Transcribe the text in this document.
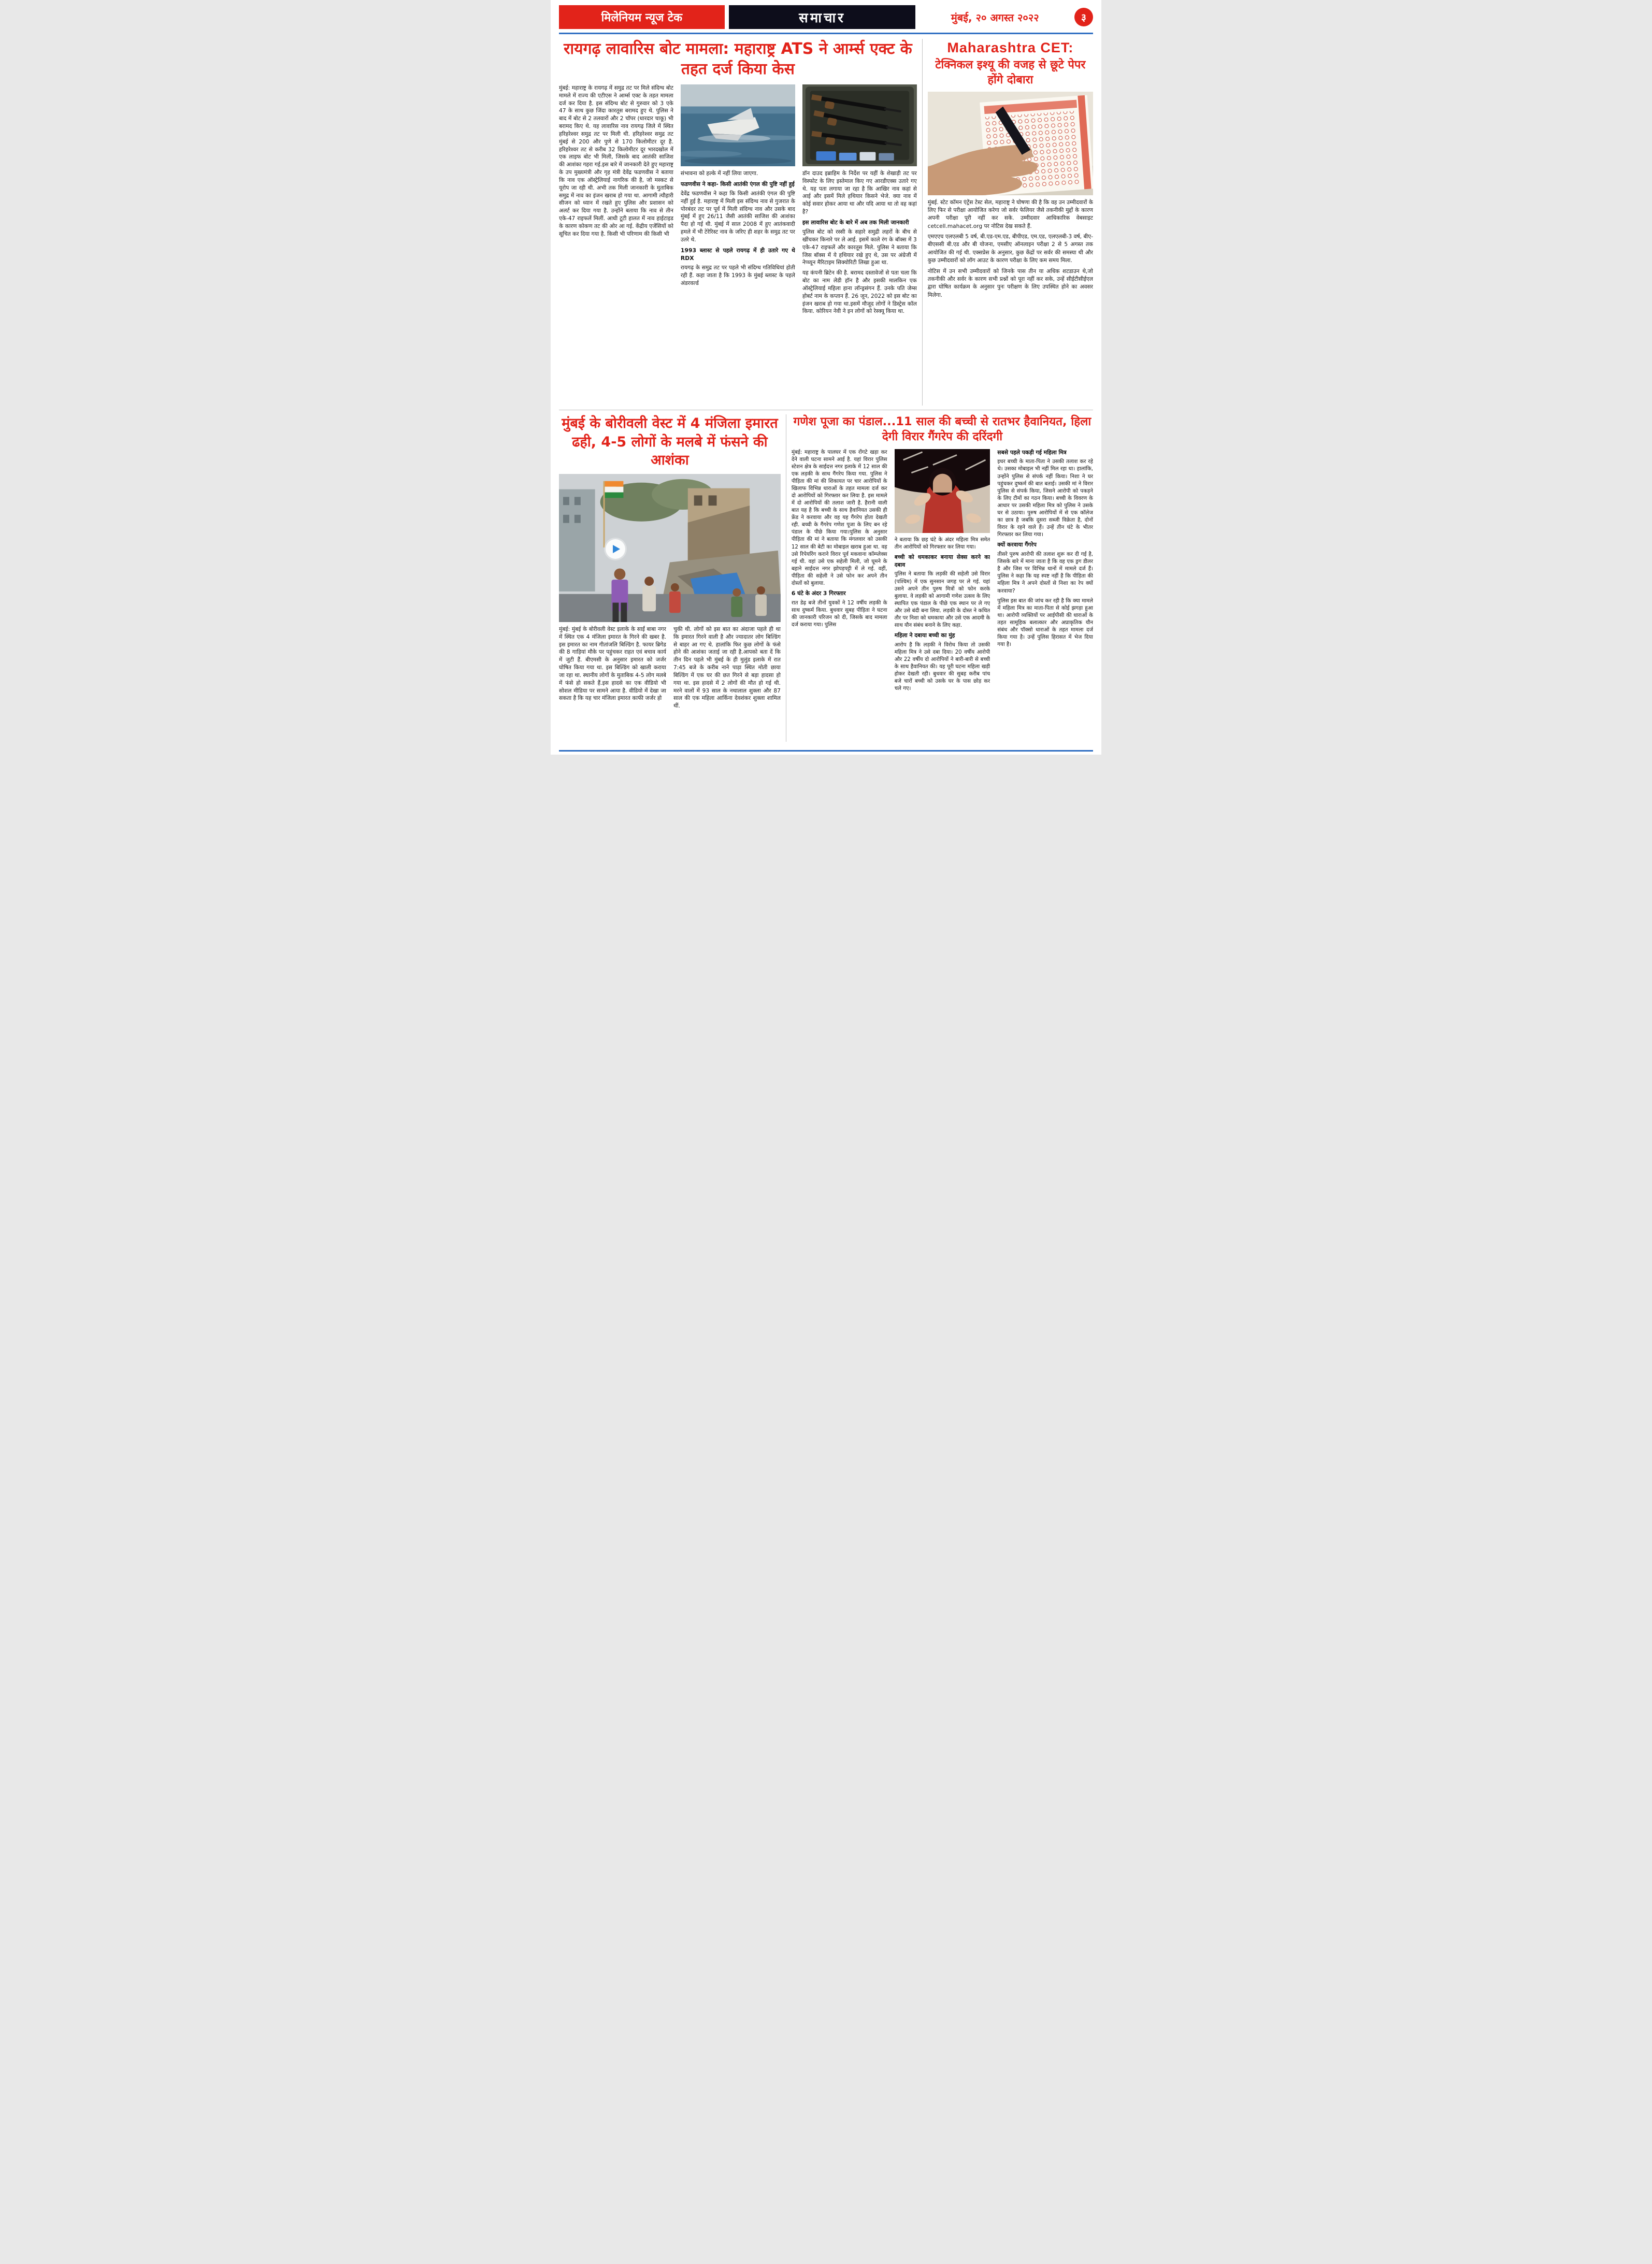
मिलेनियम न्यूज टेक	समाचार	मुंबई, २० अगस्त २०२२	३
रायगढ़ लावारिस बोट मामला: महाराष्ट्र ATS ने आर्म्स एक्ट के तहत दर्ज किया केस
मुंबई: महाराष्ट्र के रायगढ़ में समुद्र तट पर मिले संदिग्ध बोट मामले में राज्य की एटीएस ने आर्म्स एक्ट के तहत मामला दर्ज कर दिया है. इस संदिग्ध बोट से गुरुवार को 3 एके 47 के साथ कुछ जिंदा कारतूस बरामद हुए थे. पुलिस ने बाद में बोट से 2 तलवारों और 2 चॉपर (धारदार चाकू) भी बरामद किए थे. यह लावारिस नाव रायगढ़ जिले में स्थित हरिहरेश्वर समुद्र तट पर मिली थी. हरिहरेश्वर समुद्र तट मुंबई से 200 और पुणे से 170 किलोमीटर दूर है. हरिहरेश्वर तट से करीब 32 किलोमीटर दूर भारदखोल में एक लाइफ बोट भी मिली, जिसके बाद आतंकी साजिश की आशंका गहरा गई.इस बारे में जानकारी देते हुए महाराष्ट्र के उप मुख्यमंत्री और गृह मंत्री देवेंद्र फडणवीस ने बताया कि नाव एक ऑस्ट्रेलियाई नागरिक की है, जो मस्कट से यूरोप जा रही थी. अभी तक मिली जानकारी के मुताबिक समुद्र में नाव का इंजन खराब हो गया था. आगामी त्यौहारी सीजन को ध्यान में रखते हुए पुलिस और प्रशासन को अलर्ट कर दिया गया है. उन्होंने बताया कि नाव से तीन एके-47 राइफलें मिलीं. आधी टूटी हालत में नाव हाईटाइड के कारण कोकण तट की ओर आ गई. केंद्रीय एजेंसियों को सूचित कर दिया गया है. किसी भी परिणाम की किसी भी
संभावना को हल्के में नहीं लिया जाएगा.
फडणवीस ने कहा- किसी आतंकी एंगल की पुष्टि नहीं हुई
देवेंद्र फडणवीस ने कहा कि किसी आतंकी एंगल की पुष्टि नहीं हुई है. महाराष्ट्र में मिली इस संदिग्ध नाव से गुजरात के पोरबंदर तट पर पूर्व में मिली संदिग्ध नाव और उसके बाद मुंबई में हुए 26/11 जैसी आतंकी साजिश की आशंका पैदा हो गई थी. मुंबई में साल 2008 में हुए आतंकवादी हमले में भी टेरेरिस्ट नाव के जरिए ही शहर के समुद्र तट पर उतरे थे.
1993 ब्लास्ट से पहले रायगढ़ में ही उतारे गए थे RDX
रायगढ़ के समुद्र तट पर पहले भी संदिग्ध गतिविधियां होती रही हैं. कहा जाता है कि 1993 के मुंबई ब्लास्ट के पहले अंडरवर्ल्ड
डॉन दाउद इब्राहिम के निर्देश पर यहीं के शेखाड़ी तट पर विस्फोट के लिए इस्तेमाल किए गए आरडीएक्स उतारे गए थे. यह पता लगाया जा रहा है कि आखिर नाव कहां से आई और इसमें मिले हथियार किसने भेजे. क्या नाव में कोई सवार होकर आया था और यदि आया था तो वह कहां है?
इस लावारिस बोट के बारे में अब तक मिली जानकारी
पुलिस बोट को रस्सी के सहारे समुद्री लहरों के बीच से खींचकर किनारे पर ले आई. इसमें काले रंग के बॉक्स में 3 एके-47 राइफलें और कारतूस मिले. पुलिस ने बताया कि जिस बॉक्स में ये हथियार रखे हुए थे, उस पर अंग्रेजी में नेप्च्यून मैरिटाइम सिक्योरिटी लिखा हुआ था.
यह कंपनी ब्रिटेन की है. बरामद दस्तावेजों से पता चला कि बोट का नाम लेडी हॉन है और इसकी मालकिन एक ऑस्ट्रेलियाई महिला हाना लॉन्ड्रसंगन हैं. उनके पति जेम्स होबर्ट नाम के कप्तान हैं. 26 जून, 2022 को इस बोट का इंजन खराब हो गया था.इसमें मौजूद लोगों ने डिस्ट्रेस कॉल किया. कोरियन नेवी ने इन लोगों को रेस्क्यू किया था.
Maharashtra CET:
टेक्निकल इश्यू की वजह से छूटे पेपर होंगे दोबारा
मुंबई. स्टेट कॉमन एंट्रेंस टेस्ट सेल, महाराष्ट्र ने घोषणा की है कि वह उन उम्मीदवारों के लिए फिर से परीक्षा आयोजित करेगा जो सर्वर फेलियर जैसे तकनीकी मुद्दों के कारण अपनी परीक्षा पूरी नहीं कर सके. उम्मीदवार आधिकारिक वेबसाइट cetcell.mahacet.org पर नोटिस देख सकते हैं.
एमएएच एलएलबी 5 वर्ष, बी.एड-एम.एड, बीपीएड, एम.एड, एलएलबी-3 वर्ष, बीए-बीएससी बी.एड और बी योजना, एमसीए ऑनलाइन परीक्षा 2 से 5 अगस्त तक आयोजित की गई थी. एक्सप्रेस के अनुसार, कुछ केंद्रों पर सर्वर की समस्या थी और कुछ उम्मीदवारों को लॉग आउट के कारण परीक्षा के लिए कम समय मिला.
नोटिस में उन सभी उम्मीदवारों को जिनके पास तीन या अधिक शटडाउन थे,जो तकनीकी और सर्वर के कारण सभी प्रश्नों को पूरा नहीं कर सके, उन्हें सीईटीसीईएल द्वारा घोषित कार्यक्रम के अनुसार पुनः परीक्षण के लिए उपस्थित होने का अवसर मिलेगा.
मुंबई के बोरीवली वेस्ट में 4 मंजिला इमारत ढही, 4-5 लोगों के मलबे में फंसने की आशंका
मुंबई: मुंबई के बोरीवली वेस्ट इलाके के साईं बाबा नगर में स्थित एक 4 मंजिला इमारत के गिरने की खबर है. इस इमारत का नाम गीतांजलि बिल्डिंग है. फायर ब्रिगेड की 8 गाड़ियां मौके पर पहुंचकर राहत एवं बचाव कार्य में जुटी हैं. बीएमसी के अनुसार इमारत को जर्जर घोषित किया गया था. इस बिल्डिंग को खाली कराया जा रहा था. स्थानीय लोगों के मुताबिक 4-5 लोग मलबे में फंसे हो सकते हैं.इस हादसे का एक वीडियो भी सोशल मीडिया पर सामने आया है. वीडियो में देखा जा सकता है कि यह चार मंजिला इमारत काफी जर्जर हो
चुकी थी. लोगों को इस बात का अंदाजा पहले ही था कि इमारत गिरने वाली है और ज्यादातर लोग बिल्डिंग से बाहर आ गए थे. हालांकि फिर कुछ लोगों के फंसे होने की आशंका जताई जा रही है.आपको बता दें कि तीन दिन पहले भी मुंबई के ही मुलुंड इलाके में रात 7:45 बजे के करीब नाने पाड़ा स्थित मोती छाया बिल्डिंग में एक घर की छत गिरने से बड़ा हादसा हो गया था. इस हादसे में 2 लोगों की मौत हो गई थी. मरने वालों में 93 साल के नथालाल शुक्ला और 87 साल की एक महिला आर्किना देवशंकर शुक्ला शामिल थीं.
गणेश पूजा का पंडाल...11 साल की बच्ची से रातभर हैवानियत, हिला देगी विरार गैंगरेप की दरिंदगी
मुंबई: महाराष्ट्र के पालघर में एक रोंगटे खड़ा कर देने वाली घटना सामने आई है. यहां विरार पुलिस स्टेशन क्षेत्र के साईदत्त नगर इलाके में 12 साल की एक लड़की के साथ गैंगरेप किया गया. पुलिस ने पीड़िता की मां की शिकायत पर चार आरोपियों के खिलाफ विभिन्न धाराओं के तहत मामला दर्ज कर दो आरोपियों को गिरफ्तार कर लिया है. इस मामले में दो आरोपियों की तलाश जारी है. हैरानी वाली बात यह है कि बच्ची के साथ हैवानियत उसकी ही फ्रेंड ने करवाया और वह यह गैंगरेप होता देखती रही. बच्ची के गैंगरेप गणेश पूजा के लिए बन रहे पंडाल के पीछे किया गया।पुलिस के अनुसार पीड़िता की मां ने बताया कि मंगलवार को उसकी 12 साल की बेटी का मोबाइल खराब हुआ था. वह उसे रिपेयरिंग कराने विरार पूर्व मकवाना कॉम्प्लेक्स गई थी. वहां उसे एक सहेली मिली, जो घूमने के बहाने साईदत्त नगर झोपड़पट्टी में ले गई. वहीं, पीड़िता की सहेली ने उसे फोन कर अपने तीन दोस्तों को बुलाया.
6 घंटे के अंदर 3 गिरफ्तार
रात डेढ़ बजे तीनों युवकों ने 12 वर्षीय लड़की के साथ दुष्कर्म किया. बुधवार सुबह पीड़िता ने घटना की जानकारी परिजन को दी, जिसके बाद मामला दर्ज कराया गया। पुलिस
ने बताया कि छह घंटे के अंदर महिला मित्र समेत तीन आरोपियों को गिरफ्तार कर लिया गया।
बच्ची को धमकाकर बनाया सेक्स करने का दबाव
पुलिस ने बताया कि लड़की की सहेली उसे विरार (पश्चिम) में एक सुनसान जगह पर ले गई. यहां उसने अपने तीन पुरुष मित्रों को फोन करके बुलाया. वे लड़की को आगामी गणेश उत्सव के लिए स्थापित एक पंडाल के पीछे एक स्थान पर ले गए और उसे बंदी बना लिया. लड़की के दोस्त ने कथित तौर पर निशा को धमकाया और उसे एक आदमी के साथ यौन संबंध बनाने के लिए कहा.
महिला ने दबाया बच्ची का मुंह
आरोप है कि लड़की ने विरोध किया तो उसकी महिला मित्र ने उसे दबा दिया। 20 वर्षीय आरोपी और 22 वर्षीय दो आरोपियों ने बारी-बारी से बच्ची के साथ हैवानियत की। यह पूरी घटना महिला खड़ी होकर देखती रही। बुधवार की सुबह करीब पांच बजे चारों बच्ची को उसके घर के पास छोड़ कर चले गए।
सबसे पहले पकड़ी गई महिला मित्र
इधर बच्ची के माता-पिता ने उसकी तलाश कर रहे थे। उसका मोबाइल भी नहीं मिल रहा था। हालांकि, उन्होंने पुलिस से संपर्क नहीं किया। निशा ने घर पहुंचकर दुष्कर्म की बात बताई। उसकी मां ने विरार पुलिस से संपर्क किया, जिसने आरोपी को पकड़ने के लिए टीमों का गठन किया। बच्ची के विवरण के आधार पर उसकी महिला मित्र को पुलिस ने उसके घर से उठाया। पुरुष आरोपियों में से एक कॉलेज का छात्र है जबकि दूसरा सब्जी विक्रेता है, दोनों विरार के रहने वाले हैं। उन्हें तीन घंटे के भीतर गिरफ्तार कर लिया गया।
क्यों करवाया गैंगरेप
तीसरे पुरुष आरोपी की तलाश शुरू कर दी गई है, जिसके बारे में माना जाता है कि वह एक ड्रग डीलर है और जिस पर विभिन्न थानों में मामले दर्ज हैं। पुलिस ने कहा कि यह स्पष्ट नहीं है कि पीड़िता की महिला मित्र ने अपने दोस्तों से निशा का रेप क्यों करवाया?
पुलिस इस बात की जांच कर रही है कि क्या मामले में महिला मित्र का माता-पिता से कोई झगड़ा हुआ था। आरोपी व्यक्तियों पर आईपीसी की धाराओं के तहत सामूहिक बलात्कार और अप्राकृतिक यौन संबंध और पॉक्सो धाराओं के तहत मामला दर्ज किया गया है। उन्हें पुलिस हिरासत में भेज दिया गया है।
